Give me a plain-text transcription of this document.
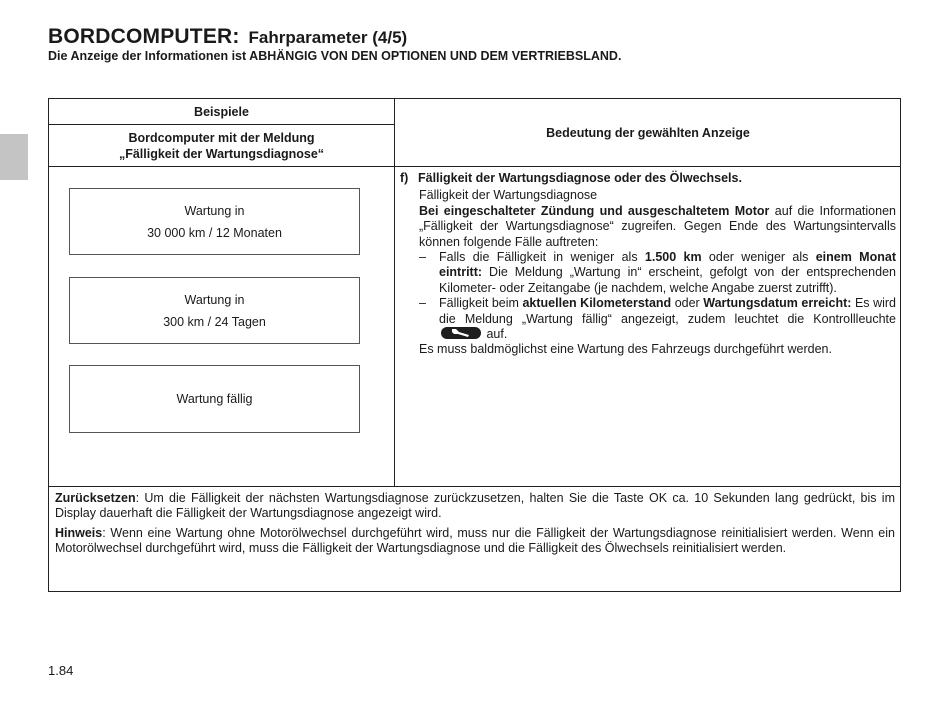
BORDCOMPUTER: Fahrparameter (4/5)
Die Anzeige der Informationen ist ABHÄNGIG VON DEN OPTIONEN UND DEM VERTRIEBSLAND.
Beispiele
Bordcomputer mit der Meldung
„Fälligkeit der Wartungsdiagnose“
Bedeutung der gewählten Anzeige
Wartung in
30 000 km / 12 Monaten
Wartung in
300 km / 24 Tagen
Wartung fällig
f) Fälligkeit der Wartungsdiagnose oder des Ölwechsels.
Fälligkeit der Wartungsdiagnose
Bei eingeschalteter Zündung und ausgeschaltetem Motor auf die Informationen „Fälligkeit der Wartungsdiagnose“ zugreifen. Gegen Ende des Wartungsintervalls können folgende Fälle auftreten:
–	Falls die Fälligkeit in weniger als 1.500 km oder weniger als einem Monat eintritt: Die Meldung „Wartung in“ erscheint, gefolgt von der entsprechenden Kilometer- oder Zeitangabe (je nachdem, welche Angabe zuerst zutrifft).
–	Fälligkeit beim aktuellen Kilometerstand oder Wartungsdatum erreicht: Es wird die Meldung „Wartung fällig“ angezeigt, zudem leuchtet die Kontrollleuchte
auf.
Es muss baldmöglichst eine Wartung des Fahrzeugs durchgeführt werden.

Zurücksetzen: Um die Fälligkeit der nächsten Wartungsdiagnose zurückzusetzen, halten Sie die Taste OK ca. 10 Sekunden lang gedrückt, bis im Display dauerhaft die Fälligkeit der Wartungsdiagnose angezeigt wird.

Hinweis: Wenn eine Wartung ohne Motorölwechsel durchgeführt wird, muss nur die Fälligkeit der Wartungsdiagnose reinitialisiert werden. Wenn ein Motorölwechsel durchgeführt wird, muss die Fälligkeit der Wartungsdiagnose und die Fälligkeit des Ölwechsels reinitialisiert werden.

1.84
